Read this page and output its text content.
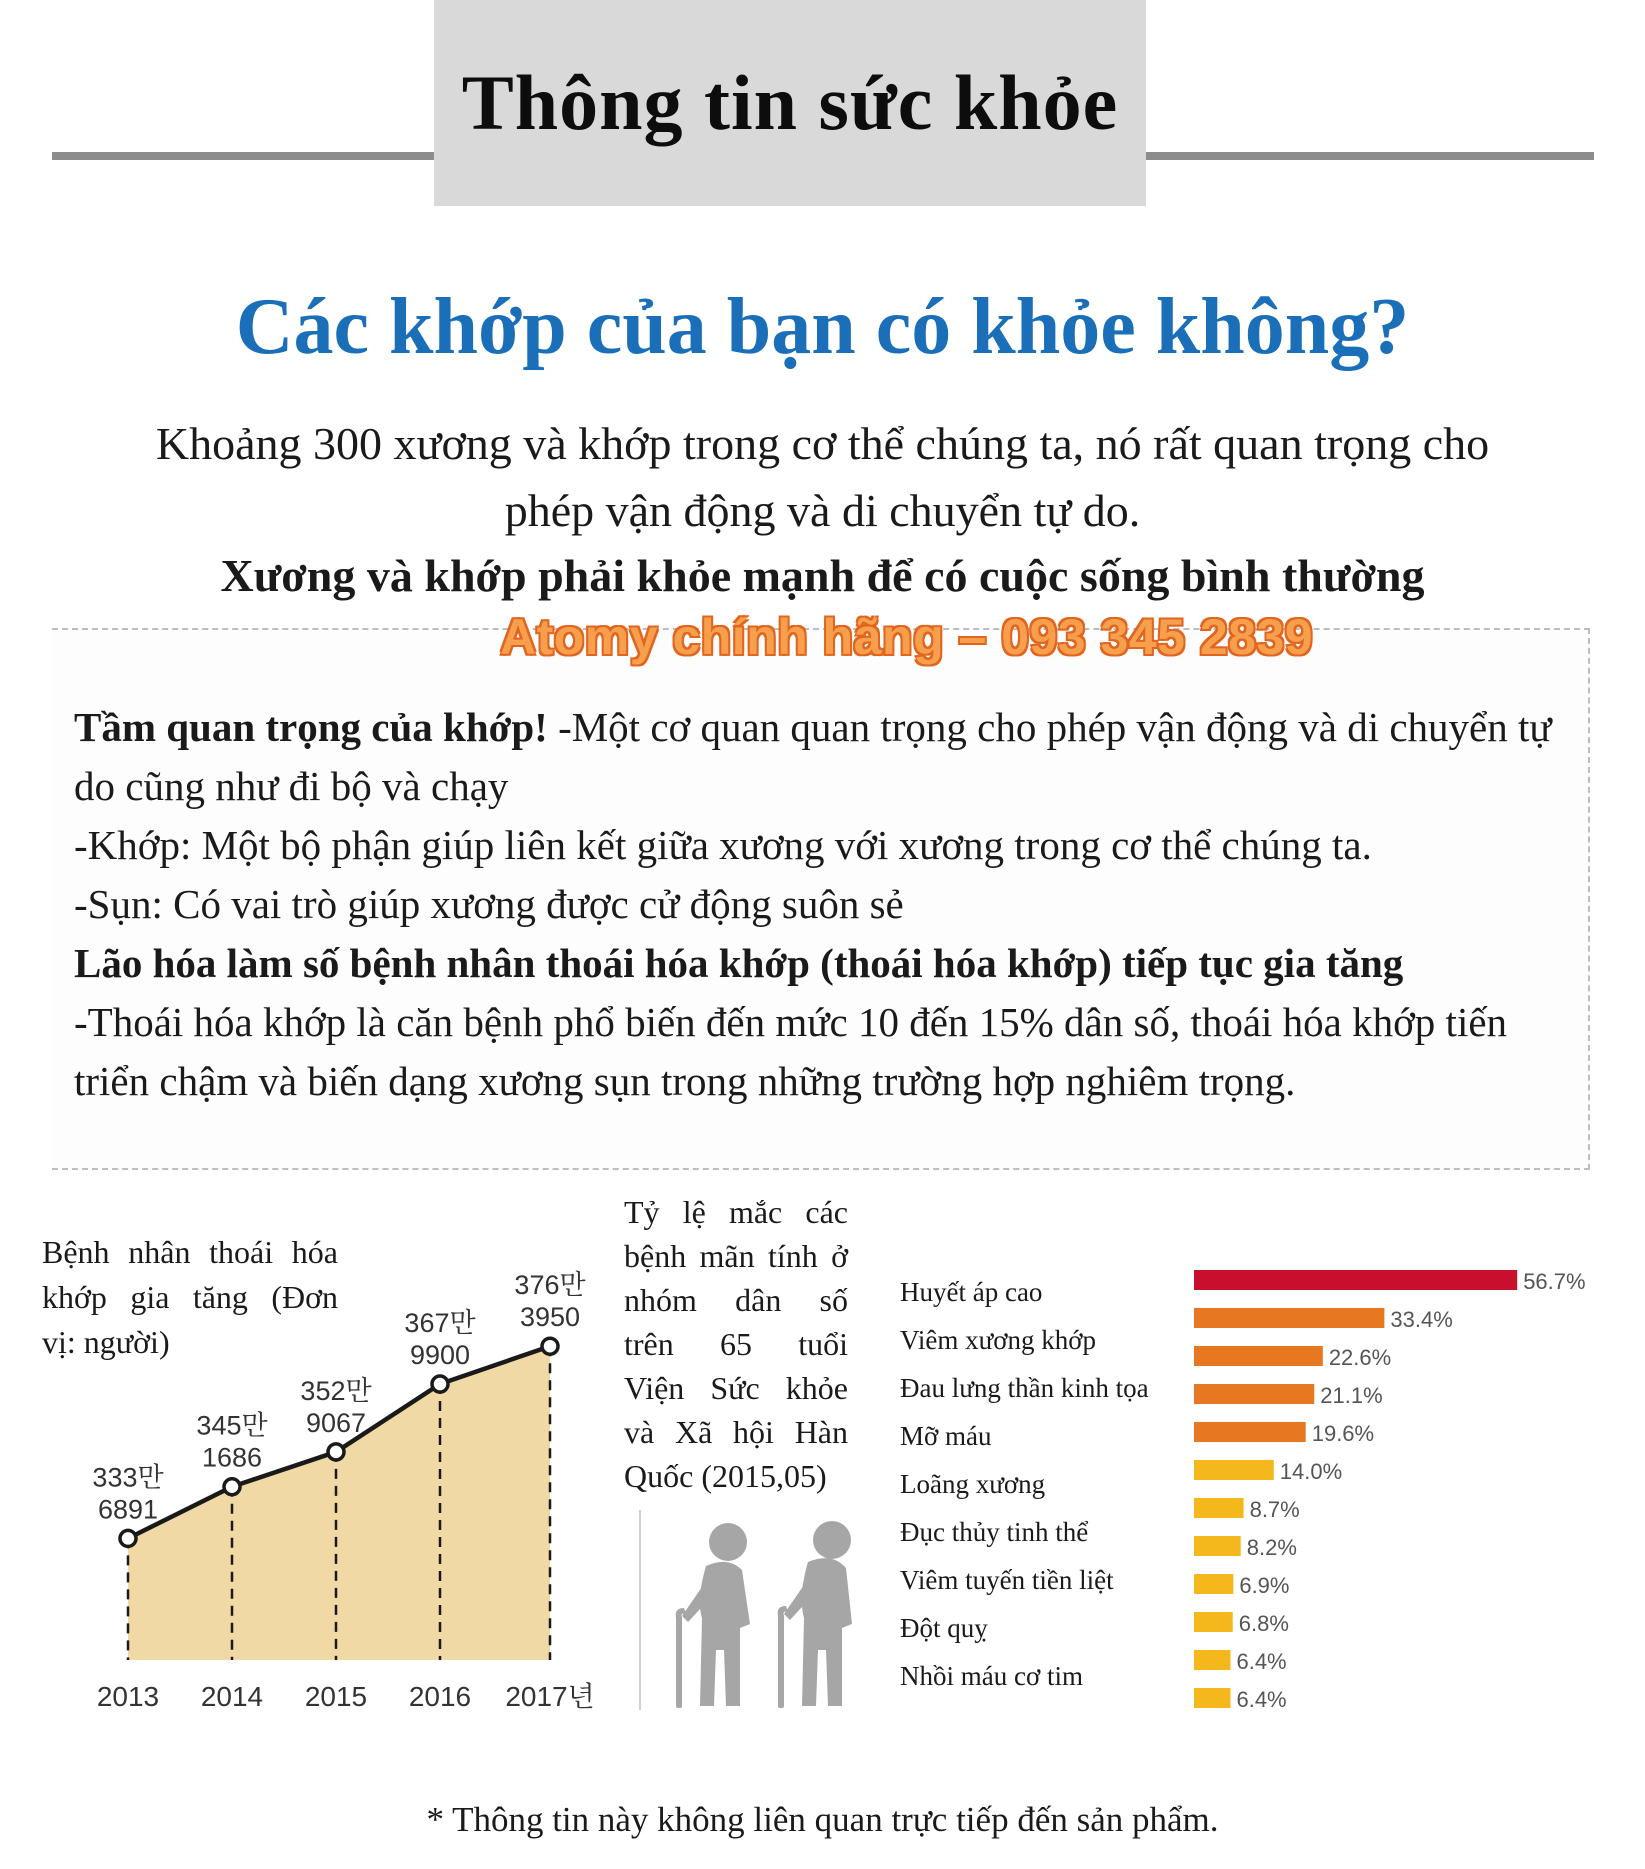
Thông tin sức khỏe
Các khớp của bạn có khỏe không?
Khoảng 300 xương và khớp trong cơ thể chúng ta, nó rất quan trọng cho
phép vận động và di chuyển tự do.
Xương và khớp phải khỏe mạnh để có cuộc sống bình thường
Atomy chính hãng – 093 345 2839

Tầm quan trọng của khớp! -Một cơ quan quan trọng cho phép vận động và di chuyển tự do cũng như đi bộ và chạy

-Khớp: Một bộ phận giúp liên kết giữa xương với xương trong cơ thể chúng ta.

-Sụn: Có vai trò giúp xương được cử động suôn sẻ

Lão hóa làm số bệnh nhân thoái hóa khớp (thoái hóa khớp) tiếp tục gia tăng

-Thoái hóa khớp là căn bệnh phổ biến đến mức 10 đến 15% dân số, thoái hóa khớp tiến triển chậm và biến dạng xương sụn trong những trường hợp nghiêm trọng.

Bệnh nhân thoái hóa
khớp gia tăng (Đơn
vị: người)
333만
6891
2013
345만
1686
2014
352만
9067
2015
367만
9900
2016
376만
3950
2017년
Tỷ lệ mắc các
bệnh mãn tính ở
nhóm dân số
trên 65 tuổi
Viện Sức khỏe
và Xã hội Hàn
Quốc (2015,05)
Huyết áp cao
Viêm xương khớp
Đau lưng thần kinh tọa
Mỡ máu
Loãng xương
Đục thủy tinh thể
Viêm tuyến tiền liệt
Đột quỵ
Nhồi máu cơ tim
56.7%
33.4%
22.6%
21.1%
19.6%
14.0%
8.7%
8.2%
6.9%
6.8%
6.4%
6.4%
* Thông tin này không liên quan trực tiếp đến sản phẩm.
